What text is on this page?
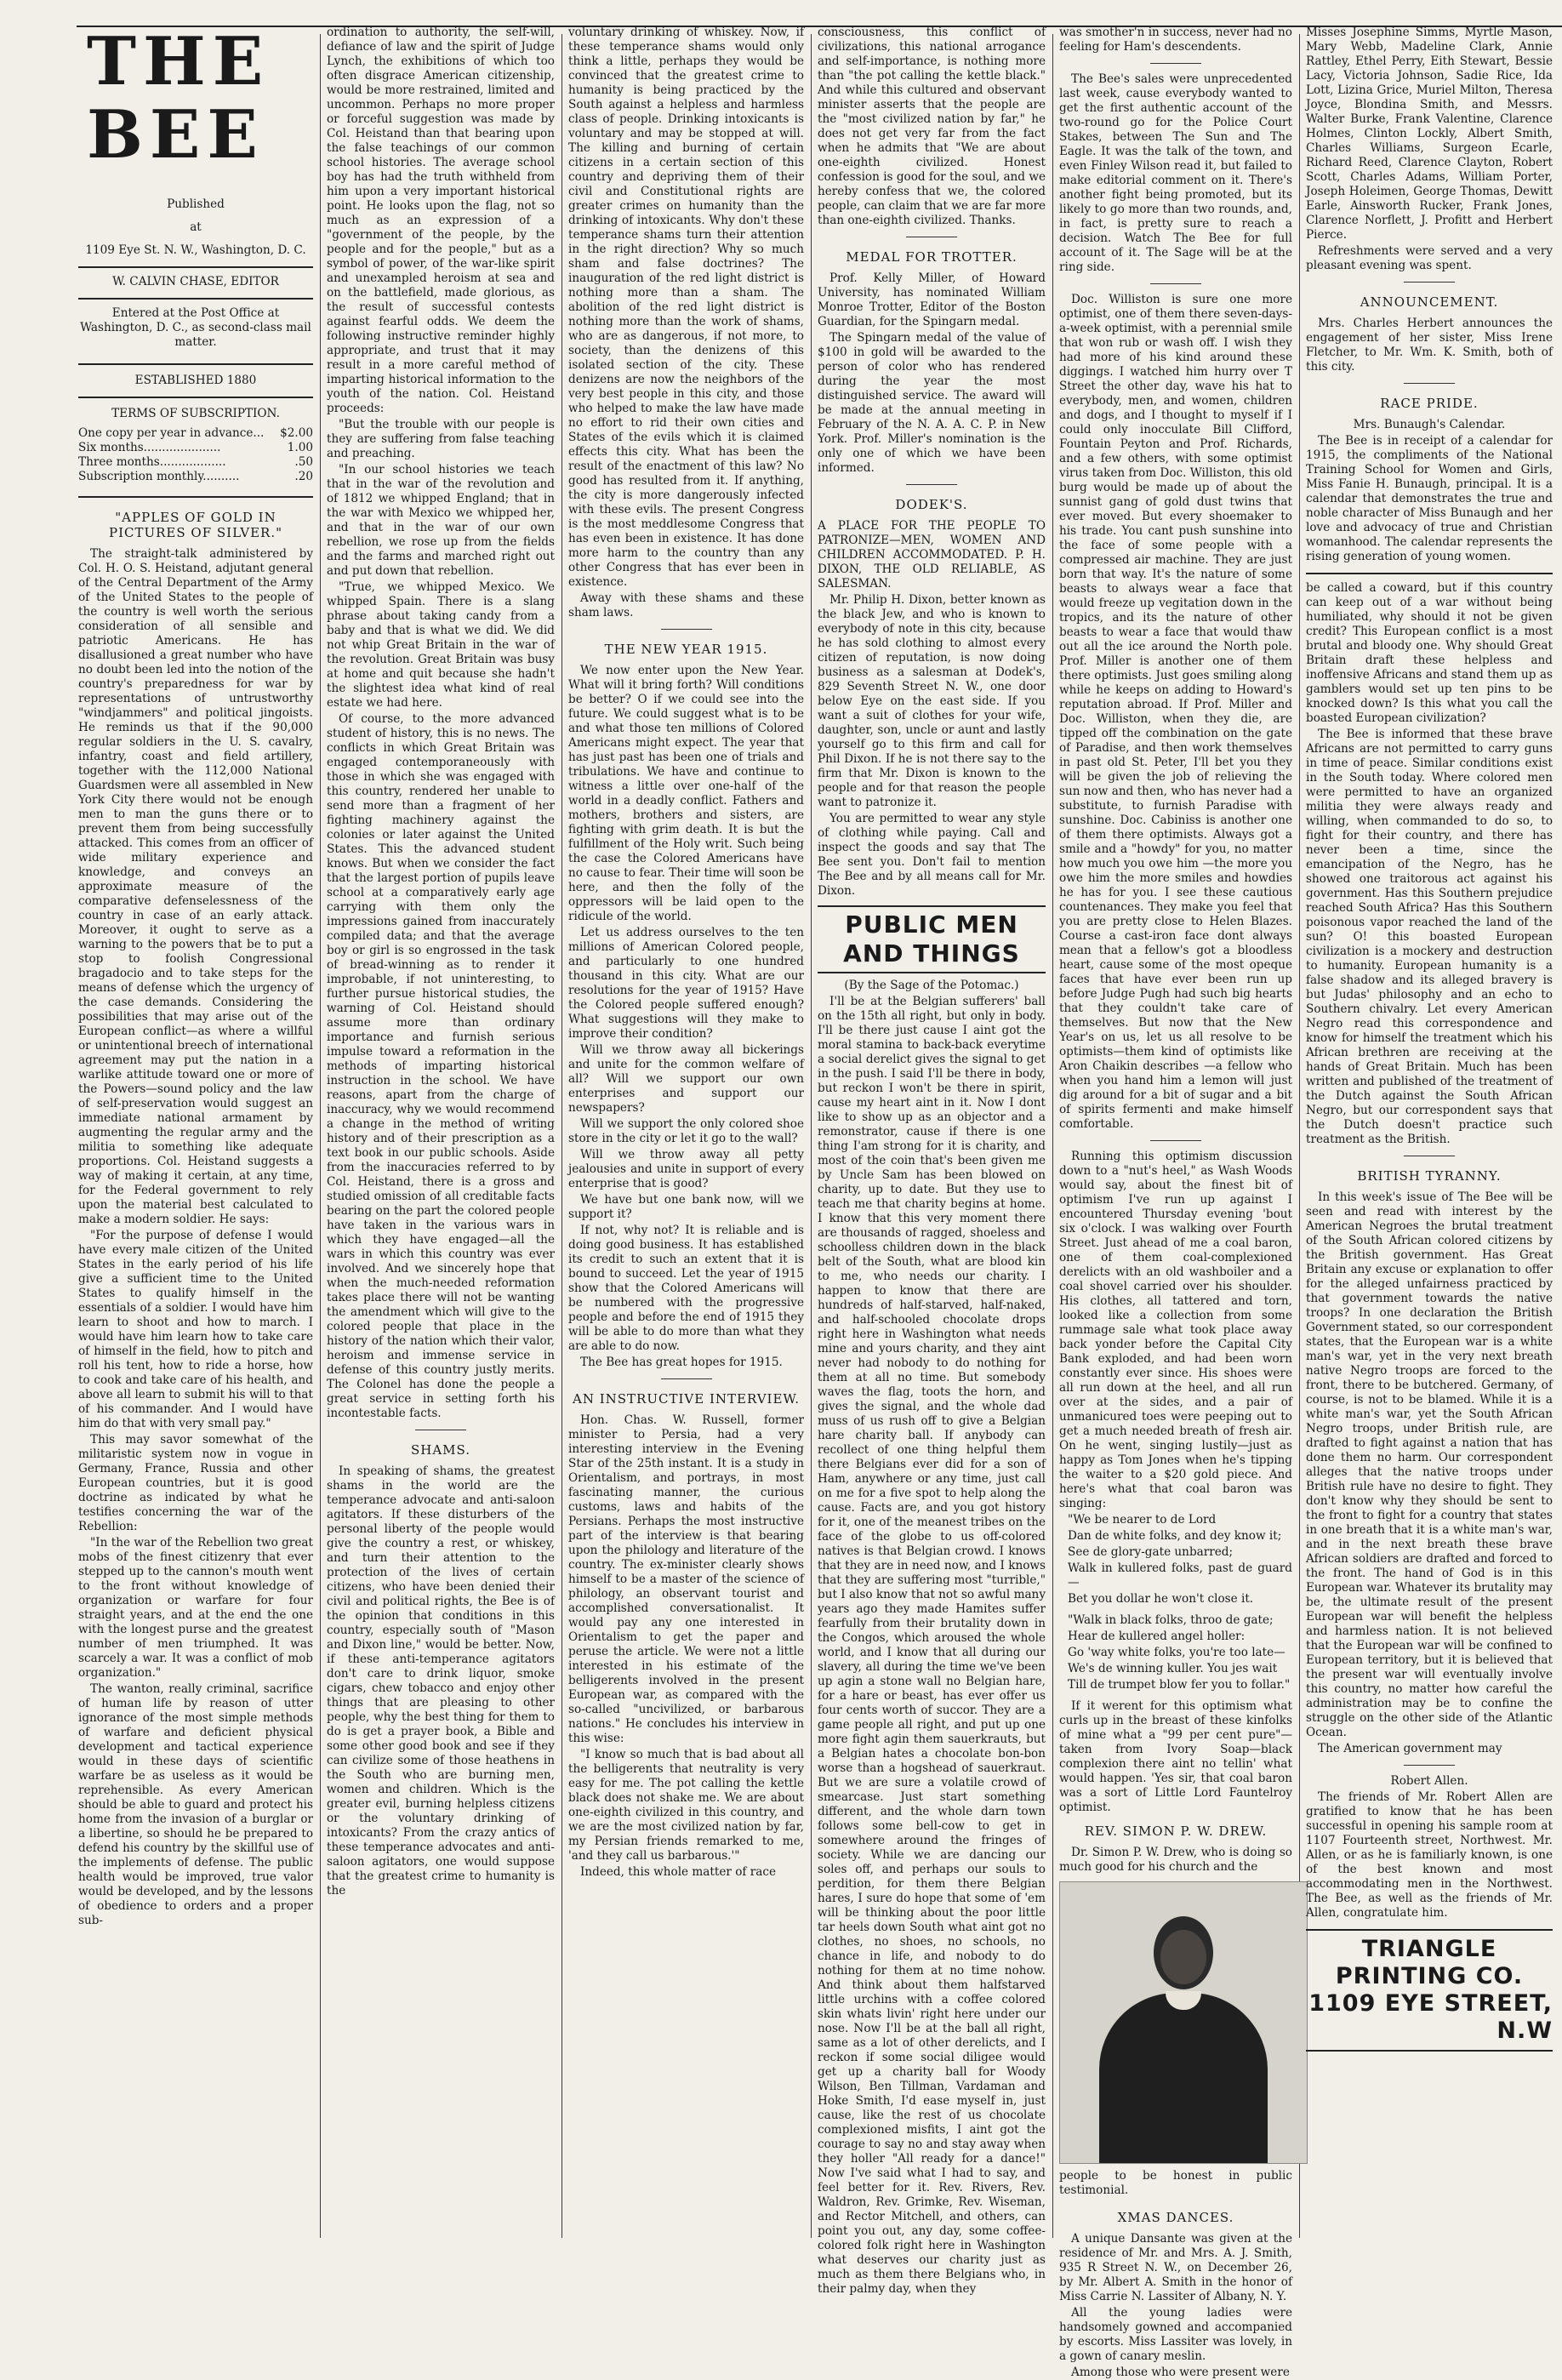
THE BEE

Published

at

1109 Eye St. N. W., Washington, D. C.

W. CALVIN CHASE, EDITOR

Entered at the Post Office at Washington, D. C., as second-class mail matter.

ESTABLISHED 1880

TERMS OF SUBSCRIPTION.

One copy per year in advance... $2.00
Six months.....................	1.00
Three months..................	.50
Subscription monthly..........	.20
"APPLES OF GOLD IN PICTURES OF SILVER."

The straight-talk administered by Col. H. O. S. Heistand, adjutant general of the Central Department of the Army of the United States to the people of the country is well worth the serious consideration of all sensible and patriotic Americans. He has disallusioned a great number who have no doubt been led into the notion of the country's preparedness for war by representations of untrustworthy "windjammers" and political jingoists. He reminds us that if the 90,000 regular soldiers in the U. S. cavalry, infantry, coast and field artillery, together with the 112,000 National Guardsmen were all assembled in New York City there would not be enough men to man the guns there or to prevent them from being successfully attacked. This comes from an officer of wide military experience and knowledge, and conveys an approximate measure of the comparative defenselessness of the country in case of an early attack. Moreover, it ought to serve as a warning to the powers that be to put a stop to foolish Congressional bragadocio and to take steps for the means of defense which the urgency of the case demands. Considering the possibilities that may arise out of the European conflict—as where a willful or unintentional breech of international agreement may put the nation in a warlike attitude toward one or more of the Powers—sound policy and the law of self-preservation would suggest an immediate national armament by augmenting the regular army and the militia to something like adequate proportions. Col. Heistand suggests a way of making it certain, at any time, for the Federal government to rely upon the material best calculated to make a modern soldier. He says:

"For the purpose of defense I would have every male citizen of the United States in the early period of his life give a sufficient time to the United States to qualify himself in the essentials of a soldier. I would have him learn to shoot and how to march. I would have him learn how to take care of himself in the field, how to pitch and roll his tent, how to ride a horse, how to cook and take care of his health, and above all learn to submit his will to that of his commander. And I would have him do that with very small pay."

This may savor somewhat of the militaristic system now in vogue in Germany, France, Russia and other European countries, but it is good doctrine as indicated by what he testifies concerning the war of the Rebellion:

"In the war of the Rebellion two great mobs of the finest citizenry that ever stepped up to the cannon's mouth went to the front without knowledge of organization or warfare for four straight years, and at the end the one with the longest purse and the greatest number of men triumphed. It was scarcely a war. It was a conflict of mob organization."

The wanton, really criminal, sacrifice of human life by reason of utter ignorance of the most simple methods of warfare and deficient physical development and tactical experience would in these days of scientific warfare be as useless as it would be reprehensible. As every American should be able to guard and protect his home from the invasion of a burglar or a libertine, so should he be prepared to defend his country by the skillful use of the implements of defense. The public health would be improved, true valor would be developed, and by the lessons of obedience to orders and a proper sub-

ordination to authority, the self-will, defiance of law and the spirit of Judge Lynch, the exhibitions of which too often disgrace American citizenship, would be more restrained, limited and uncommon. Perhaps no more proper or forceful suggestion was made by Col. Heistand than that bearing upon the false teachings of our common school histories. The average school boy has had the truth withheld from him upon a very important historical point. He looks upon the flag, not so much as an expression of a "government of the people, by the people and for the people," but as a symbol of power, of the war-like spirit and unexampled heroism at sea and on the battlefield, made glorious, as the result of successful contests against fearful odds. We deem the following instructive reminder highly appropriate, and trust that it may result in a more careful method of imparting historical information to the youth of the nation. Col. Heistand proceeds:

"But the trouble with our people is they are suffering from false teaching and preaching.

"In our school histories we teach that in the war of the revolution and of 1812 we whipped England; that in the war with Mexico we whipped her, and that in the war of our own rebellion, we rose up from the fields and the farms and marched right out and put down that rebellion.

"True, we whipped Mexico. We whipped Spain. There is a slang phrase about taking candy from a baby and that is what we did. We did not whip Great Britain in the war of the revolution. Great Britain was busy at home and quit because she hadn't the slightest idea what kind of real estate we had here.

Of course, to the more advanced student of history, this is no news. The conflicts in which Great Britain was engaged contemporaneously with those in which she was engaged with this country, rendered her unable to send more than a fragment of her fighting machinery against the colonies or later against the United States. This the advanced student knows. But when we consider the fact that the largest portion of pupils leave school at a comparatively early age carrying with them only the impressions gained from inaccurately compiled data; and that the average boy or girl is so engrossed in the task of bread-winning as to render it improbable, if not uninteresting, to further pursue historical studies, the warning of Col. Heistand should assume more than ordinary importance and furnish serious impulse toward a reformation in the methods of imparting historical instruction in the school. We have reasons, apart from the charge of inaccuracy, why we would recommend a change in the method of writing history and of their prescription as a text book in our public schools. Aside from the inaccuracies referred to by Col. Heistand, there is a gross and studied omission of all creditable facts bearing on the part the colored people have taken in the various wars in which they have engaged—all the wars in which this country was ever involved. And we sincerely hope that when the much-needed reformation takes place there will not be wanting the amendment which will give to the colored people that place in the history of the nation which their valor, heroism and immense service in defense of this country justly merits. The Colonel has done the people a great service in setting forth his incontestable facts.

SHAMS.

In speaking of shams, the greatest shams in the world are the temperance advocate and anti-saloon agitators. If these disturbers of the personal liberty of the people would give the country a rest, or whiskey, and turn their attention to the protection of the lives of certain citizens, who have been denied their civil and political rights, the Bee is of the opinion that conditions in this country, especially south of "Mason and Dixon line," would be better. Now, if these anti-temperance agitators don't care to drink liquor, smoke cigars, chew tobacco and enjoy other things that are pleasing to other people, why the best thing for them to do is get a prayer book, a Bible and some other good book and see if they can civilize some of those heathens in the South who are burning men, women and children. Which is the greater evil, burning helpless citizens or the voluntary drinking of intoxicants? From the crazy antics of these temperance advocates and anti-saloon agitators, one would suppose that the greatest crime to humanity is the

voluntary drinking of whiskey. Now, if these temperance shams would only think a little, perhaps they would be convinced that the greatest crime to humanity is being practiced by the South against a helpless and harmless class of people. Drinking intoxicants is voluntary and may be stopped at will. The killing and burning of certain citizens in a certain section of this country and depriving them of their civil and Constitutional rights are greater crimes on humanity than the drinking of intoxicants. Why don't these temperance shams turn their attention in the right direction? Why so much sham and false doctrines? The inauguration of the red light district is nothing more than a sham. The abolition of the red light district is nothing more than the work of shams, who are as dangerous, if not more, to society, than the denizens of this isolated section of the city. These denizens are now the neighbors of the very best people in this city, and those who helped to make the law have made no effort to rid their own cities and States of the evils which it is claimed effects this city. What has been the result of the enactment of this law? No good has resulted from it. If anything, the city is more dangerously infected with these evils. The present Congress is the most meddlesome Congress that has even been in existence. It has done more harm to the country than any other Congress that has ever been in existence.

Away with these shams and these sham laws.

THE NEW YEAR 1915.

We now enter upon the New Year. What will it bring forth? Will conditions be better? O if we could see into the future. We could suggest what is to be and what those ten millions of Colored Americans might expect. The year that has just past has been one of trials and tribulations. We have and continue to witness a little over one-half of the world in a deadly conflict. Fathers and mothers, brothers and sisters, are fighting with grim death. It is but the fulfillment of the Holy writ. Such being the case the Colored Americans have no cause to fear. Their time will soon be here, and then the folly of the oppressors will be laid open to the ridicule of the world.

Let us address ourselves to the ten millions of American Colored people, and particularly to one hundred thousand in this city. What are our resolutions for the year of 1915? Have the Colored people suffered enough? What suggestions will they make to improve their condition?

Will we throw away all bickerings and unite for the common welfare of all? Will we support our own enterprises and support our newspapers?

Will we support the only colored shoe store in the city or let it go to the wall?

Will we throw away all petty jealousies and unite in support of every enterprise that is good?

We have but one bank now, will we support it?

If not, why not? It is reliable and is doing good business. It has established its credit to such an extent that it is bound to succeed. Let the year of 1915 show that the Colored Americans will be numbered with the progressive people and before the end of 1915 they will be able to do more than what they are able to do now.

The Bee has great hopes for 1915.

AN INSTRUCTIVE INTERVIEW.

Hon. Chas. W. Russell, former minister to Persia, had a very interesting interview in the Evening Star of the 25th instant. It is a study in Orientalism, and portrays, in most fascinating manner, the curious customs, laws and habits of the Persians. Perhaps the most instructive part of the interview is that bearing upon the philology and literature of the country. The ex-minister clearly shows himself to be a master of the science of philology, an observant tourist and accomplished conversationalist. It would pay any one interested in Orientalism to get the paper and peruse the article. We were not a little interested in his estimate of the belligerents involved in the present European war, as compared with the so-called "uncivilized, or barbarous nations." He concludes his interview in this wise:

"I know so much that is bad about all the belligerents that neutrality is very easy for me. The pot calling the kettle black does not shake me. We are about one-eighth civilized in this country, and we are the most civilized nation by far, my Persian friends remarked to me, 'and they call us barbarous.'"

Indeed, this whole matter of race

consciousness, this conflict of civilizations, this national arrogance and self-importance, is nothing more than "the pot calling the kettle black." And while this cultured and observant minister asserts that the people are the "most civilized nation by far," he does not get very far from the fact when he admits that "We are about one-eighth civilized. Honest confession is good for the soul, and we hereby confess that we, the colored people, can claim that we are far more than one-eighth civilized. Thanks.

MEDAL FOR TROTTER.

Prof. Kelly Miller, of Howard University, has nominated William Monroe Trotter, Editor of the Boston Guardian, for the Spingarn medal.

The Spingarn medal of the value of $100 in gold will be awarded to the person of color who has rendered during the year the most distinguished service. The award will be made at the annual meeting in February of the N. A. A. C. P. in New York. Prof. Miller's nomination is the only one of which we have been informed.

DODEK'S.

A PLACE FOR THE PEOPLE TO PATRONIZE—MEN, WOMEN AND CHILDREN ACCOMMODATED. P. H. DIXON, THE OLD RELIABLE, AS SALESMAN.

Mr. Philip H. Dixon, better known as the black Jew, and who is known to everybody of note in this city, because he has sold clothing to almost every citizen of reputation, is now doing business as a salesman at Dodek's, 829 Seventh Street N. W., one door below Eye on the east side. If you want a suit of clothes for your wife, daughter, son, uncle or aunt and lastly yourself go to this firm and call for Phil Dixon. If he is not there say to the firm that Mr. Dixon is known to the people and for that reason the people want to patronize it.

You are permitted to wear any style of clothing while paying. Call and inspect the goods and say that The Bee sent you. Don't fail to mention The Bee and by all means call for Mr. Dixon.

PUBLIC MEN AND THINGS

(By the Sage of the Potomac.)

I'll be at the Belgian sufferers' ball on the 15th all right, but only in body. I'll be there just cause I aint got the moral stamina to back-back everytime a social derelict gives the signal to get in the push. I said I'll be there in body, but reckon I won't be there in spirit, cause my heart aint in it. Now I dont like to show up as an objector and a remonstrator, cause if there is one thing I'am strong for it is charity, and most of the coin that's been given me by Uncle Sam has been blowed on charity, up to date. But they use to teach me that charity begins at home. I know that this very moment there are thousands of ragged, shoeless and schoolless children down in the black belt of the South, what are blood kin to me, who needs our charity. I happen to know that there are hundreds of half-starved, half-naked, and half-schooled chocolate drops right here in Washington what needs mine and yours charity, and they aint never had nobody to do nothing for them at all no time. But somebody waves the flag, toots the horn, and gives the signal, and the whole dad muss of us rush off to give a Belgian hare charity ball. If anybody can recollect of one thing helpful them there Belgians ever did for a son of Ham, anywhere or any time, just call on me for a five spot to help along the cause. Facts are, and you got history for it, one of the meanest tribes on the face of the globe to us off-colored natives is that Belgian crowd. I knows that they are in need now, and I knows that they are suffering most "turrible," but I also know that not so awful many years ago they made Hamites suffer fearfully from their brutality down in the Congos, which aroused the whole world, and I know that all during our slavery, all during the time we've been up agin a stone wall no Belgian hare, for a hare or beast, has ever offer us four cents worth of succor. They are a game people all right, and put up one more fight agin them sauerkrauts, but a Belgian hates a chocolate bon-bon worse than a hogshead of sauerkraut. But we are sure a volatile crowd of smearcase. Just start something different, and the whole darn town follows some bell-cow to get in somewhere around the fringes of society. While we are dancing our soles off, and perhaps our souls to perdition, for them there Belgian hares, I sure do hope that some of 'em will be thinking about the poor little tar heels down South what aint got no clothes, no shoes, no schools, no chance in life, and nobody to do nothing for them at no time nohow. And think about them halfstarved little urchins with a coffee colored skin whats livin' right here under our nose. Now I'll be at the ball all right, same as a lot of other derelicts, and I reckon if some social diligee would get up a charity ball for Woody Wilson, Ben Tillman, Vardaman and Hoke Smith, I'd ease myself in, just cause, like the rest of us chocolate complexioned misfits, I aint got the courage to say no and stay away when they holler "All ready for a dance!" Now I've said what I had to say, and feel better for it. Rev. Rivers, Rev. Waldron, Rev. Grimke, Rev. Wiseman, and Rector Mitchell, and others, can point you out, any day, some coffee-colored folk right here in Washington what deserves our charity just as much as them there Belgians who, in their palmy day, when they

was smother'n in success, never had no feeling for Ham's descendents.

The Bee's sales were unprecedented last week, cause everybody wanted to get the first authentic account of the two-round go for the Police Court Stakes, between The Sun and The Eagle. It was the talk of the town, and even Finley Wilson read it, but failed to make editorial comment on it. There's another fight being promoted, but its likely to go more than two rounds, and, in fact, is pretty sure to reach a decision. Watch The Bee for full account of it. The Sage will be at the ring side.

Doc. Williston is sure one more optimist, one of them there seven-days-a-week optimist, with a perennial smile that won rub or wash off. I wish they had more of his kind around these diggings. I watched him hurry over T Street the other day, wave his hat to everybody, men, and women, children and dogs, and I thought to myself if I could only inocculate Bill Clifford, Fountain Peyton and Prof. Richards, and a few others, with some optimist virus taken from Doc. Williston, this old burg would be made up of about the sunnist gang of gold dust twins that ever moved. But every shoemaker to his trade. You cant push sunshine into the face of some people with a compressed air machine. They are just born that way. It's the nature of some beasts to always wear a face that would freeze up vegitation down in the tropics, and its the nature of other beasts to wear a face that would thaw out all the ice around the North pole. Prof. Miller is another one of them there optimists. Just goes smiling along while he keeps on adding to Howard's reputation abroad. If Prof. Miller and Doc. Williston, when they die, are tipped off the combination on the gate of Paradise, and then work themselves in past old St. Peter, I'll bet you they will be given the job of relieving the sun now and then, who has never had a substitute, to furnish Paradise with sunshine. Doc. Cabiniss is another one of them there optimists. Always got a smile and a "howdy" for you, no matter how much you owe him —the more you owe him the more smiles and howdies he has for you. I see these cautious countenances. They make you feel that you are pretty close to Helen Blazes. Course a cast-iron face dont always mean that a fellow's got a bloodless heart, cause some of the most opeque faces that have ever been run up before Judge Pugh had such big hearts that they couldn't take care of themselves. But now that the New Year's on us, let us all resolve to be optimists—them kind of optimists like Aron Chaikin describes —a fellow who when you hand him a lemon will just dig around for a bit of sugar and a bit of spirits fermenti and make himself comfortable.

Running this optimism discussion down to a "nut's heel," as Wash Woods would say, about the finest bit of optimism I've run up against I encountered Thursday evening 'bout six o'clock. I was walking over Fourth Street. Just ahead of me a coal baron, one of them coal-complexioned derelicts with an old washboiler and a coal shovel carried over his shoulder. His clothes, all tattered and torn, looked like a collection from some rummage sale what took place away back yonder before the Capital City Bank exploded, and had been worn constantly ever since. His shoes were all run down at the heel, and all run over at the sides, and a pair of unmanicured toes were peeping out to get a much needed breath of fresh air. On he went, singing lustily—just as happy as Tom Jones when he's tipping the waiter to a $20 gold piece. And here's what that coal baron was singing:

"We be nearer to de Lord

Dan de white folks, and dey know it;

See de glory-gate unbarred;

Walk in kullered folks, past de guard—

Bet you dollar he won't close it.

"Walk in black folks, throo de gate;

Hear de kullered angel holler:

Go 'way white folks, you're too late—

We's de winning kuller. You jes wait

Till de trumpet blow fer you to follar."

If it werent for this optimism what curls up in the breast of these kinfolks of mine what a "99 per cent pure"—taken from Ivory Soap—black complexion there aint no tellin' what would happen. 'Yes sir, that coal baron was a sort of Little Lord Fauntelroy optimist.

REV. SIMON P. W. DREW.

Dr. Simon P. W. Drew, who is doing so much good for his church and the

people to be honest in public testimonial.

XMAS DANCES.

A unique Dansante was given at the residence of Mr. and Mrs. A. J. Smith, 935 R Street N. W., on December 26, by Mr. Albert A. Smith in the honor of Miss Carrie N. Lassiter of Albany, N. Y.

All the young ladies were handsomely gowned and accompanied by escorts. Miss Lassiter was lovely, in a gown of canary meslin.

Among those who were present were

Misses Josephine Simms, Myrtle Mason, Mary Webb, Madeline Clark, Annie Rattley, Ethel Perry, Eith Stewart, Bessie Lacy, Victoria Johnson, Sadie Rice, Ida Lott, Lizina Grice, Muriel Milton, Theresa Joyce, Blondina Smith, and Messrs. Walter Burke, Frank Valentine, Clarence Holmes, Clinton Lockly, Albert Smith, Charles Williams, Surgeon Ecarle, Richard Reed, Clarence Clayton, Robert Scott, Charles Adams, William Porter, Joseph Holeimen, George Thomas, Dewitt Earle, Ainsworth Rucker, Frank Jones, Clarence Norflett, J. Profitt and Herbert Pierce.

Refreshments were served and a very pleasant evening was spent.

ANNOUNCEMENT.

Mrs. Charles Herbert announces the engagement of her sister, Miss Irene Fletcher, to Mr. Wm. K. Smith, both of this city.

RACE PRIDE.

Mrs. Bunaugh's Calendar.

The Bee is in receipt of a calendar for 1915, the compliments of the National Training School for Women and Girls, Miss Fanie H. Bunaugh, principal. It is a calendar that demonstrates the true and noble character of Miss Bunaugh and her love and advocacy of true and Christian womanhood. The calendar represents the rising generation of young women.

be called a coward, but if this country can keep out of a war without being humiliated, why should it not be given credit? This European conflict is a most brutal and bloody one. Why should Great Britain draft these helpless and inoffensive Africans and stand them up as gamblers would set up ten pins to be knocked down? Is this what you call the boasted European civilization?

The Bee is informed that these brave Africans are not permitted to carry guns in time of peace. Similar conditions exist in the South today. Where colored men were permitted to have an organized militia they were always ready and willing, when commanded to do so, to fight for their country, and there has never been a time, since the emancipation of the Negro, has he showed one traitorous act against his government. Has this Southern prejudice reached South Africa? Has this Southern poisonous vapor reached the land of the sun? O! this boasted European civilization is a mockery and destruction to humanity. European humanity is a false shadow and its alleged bravery is but Judas' philosophy and an echo to Southern chivalry. Let every American Negro read this correspondence and know for himself the treatment which his African brethren are receiving at the hands of Great Britain. Much has been written and published of the treatment of the Dutch against the South African Negro, but our correspondent says that the Dutch doesn't practice such treatment as the British.

BRITISH TYRANNY.

In this week's issue of The Bee will be seen and read with interest by the American Negroes the brutal treatment of the South African colored citizens by the British government. Has Great Britain any excuse or explanation to offer for the alleged unfairness practiced by that government towards the native troops? In one declaration the British Government stated, so our correspondent states, that the European war is a white man's war, yet in the very next breath native Negro troops are forced to the front, there to be butchered. Germany, of course, is not to be blamed. While it is a white man's war, yet the South African Negro troops, under British rule, are drafted to fight against a nation that has done them no harm. Our correspondent alleges that the native troops under British rule have no desire to fight. They don't know why they should be sent to the front to fight for a country that states in one breath that it is a white man's war, and in the next breath these brave African soldiers are drafted and forced to the front. The hand of God is in this European war. Whatever its brutality may be, the ultimate result of the present European war will benefit the helpless and harmless nation. It is not believed that the European war will be confined to European territory, but it is believed that the present war will eventually involve this country, no matter how careful the administration may be to confine the struggle on the other side of the Atlantic Ocean.

The American government may

Robert Allen.

The friends of Mr. Robert Allen are gratified to know that he has been successful in opening his sample room at 1107 Fourteenth street, Northwest. Mr. Allen, or as he is familiarly known, is one of the best known and most accommodating men in the Northwest. The Bee, as well as the friends of Mr. Allen, congratulate him.

TRIANGLE PRINTING CO.
1109 EYE STREET, N.W
